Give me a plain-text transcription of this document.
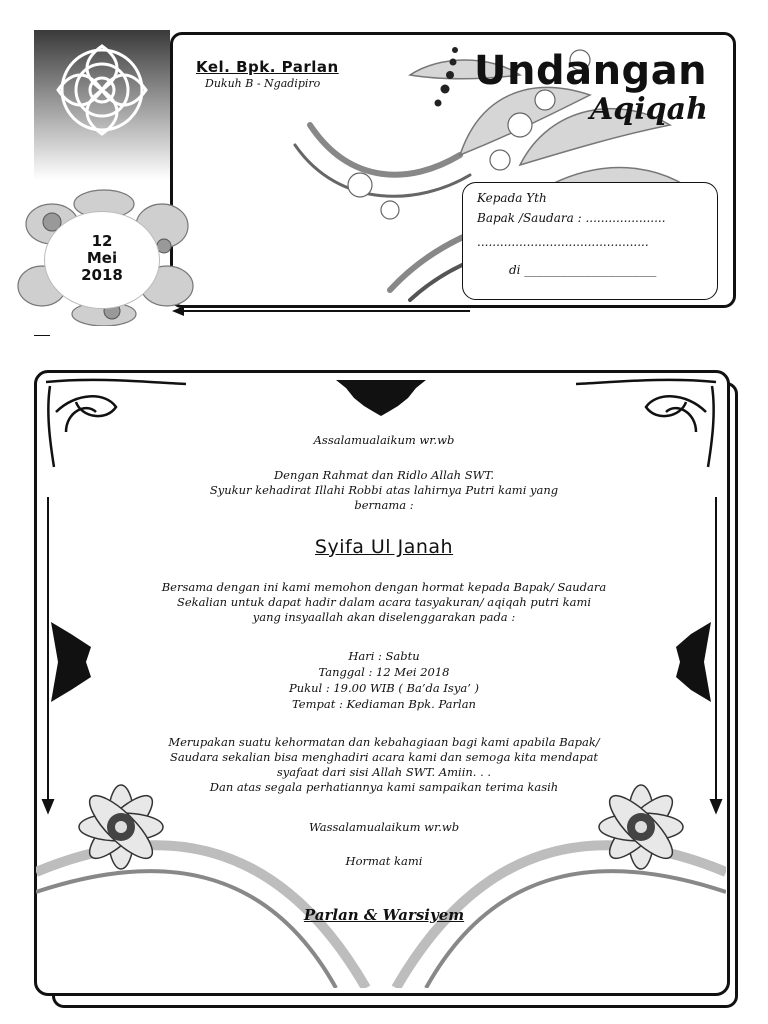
Kel. Bpk. Parlan
Dukuh B - Ngadipiro	Undangan
Aqiqah
Kepada Yth
Bapak /Saudara : .....................
.............................................
di ______________________
12
Mei
2018
Assalamualaikum wr.wb
Dengan Rahmat dan Ridlo Allah SWT.
Syukur kehadirat Illahi Robbi atas lahirnya Putri kami yang
bernama :
Syifa Ul Janah
Bersama dengan ini kami memohon dengan hormat kepada Bapak/ Saudara
Sekalian untuk dapat hadir dalam acara tasyakuran/ aqiqah putri kami
yang insyaallah akan diselenggarakan pada :
Hari : Sabtu
Tanggal : 12 Mei 2018
Pukul : 19.00 WIB ( Ba’da Isya’ )
Tempat : Kediaman Bpk. Parlan
Merupakan suatu kehormatan dan kebahagiaan bagi kami apabila Bapak/
Saudara sekalian bisa menghadiri acara kami dan semoga kita mendapat
syafaat dari sisi Allah SWT. Amiin. . .
Dan atas segala perhatiannya kami sampaikan terima kasih
Wassalamualaikum wr.wb
Hormat kami
Parlan & Warsiyem
